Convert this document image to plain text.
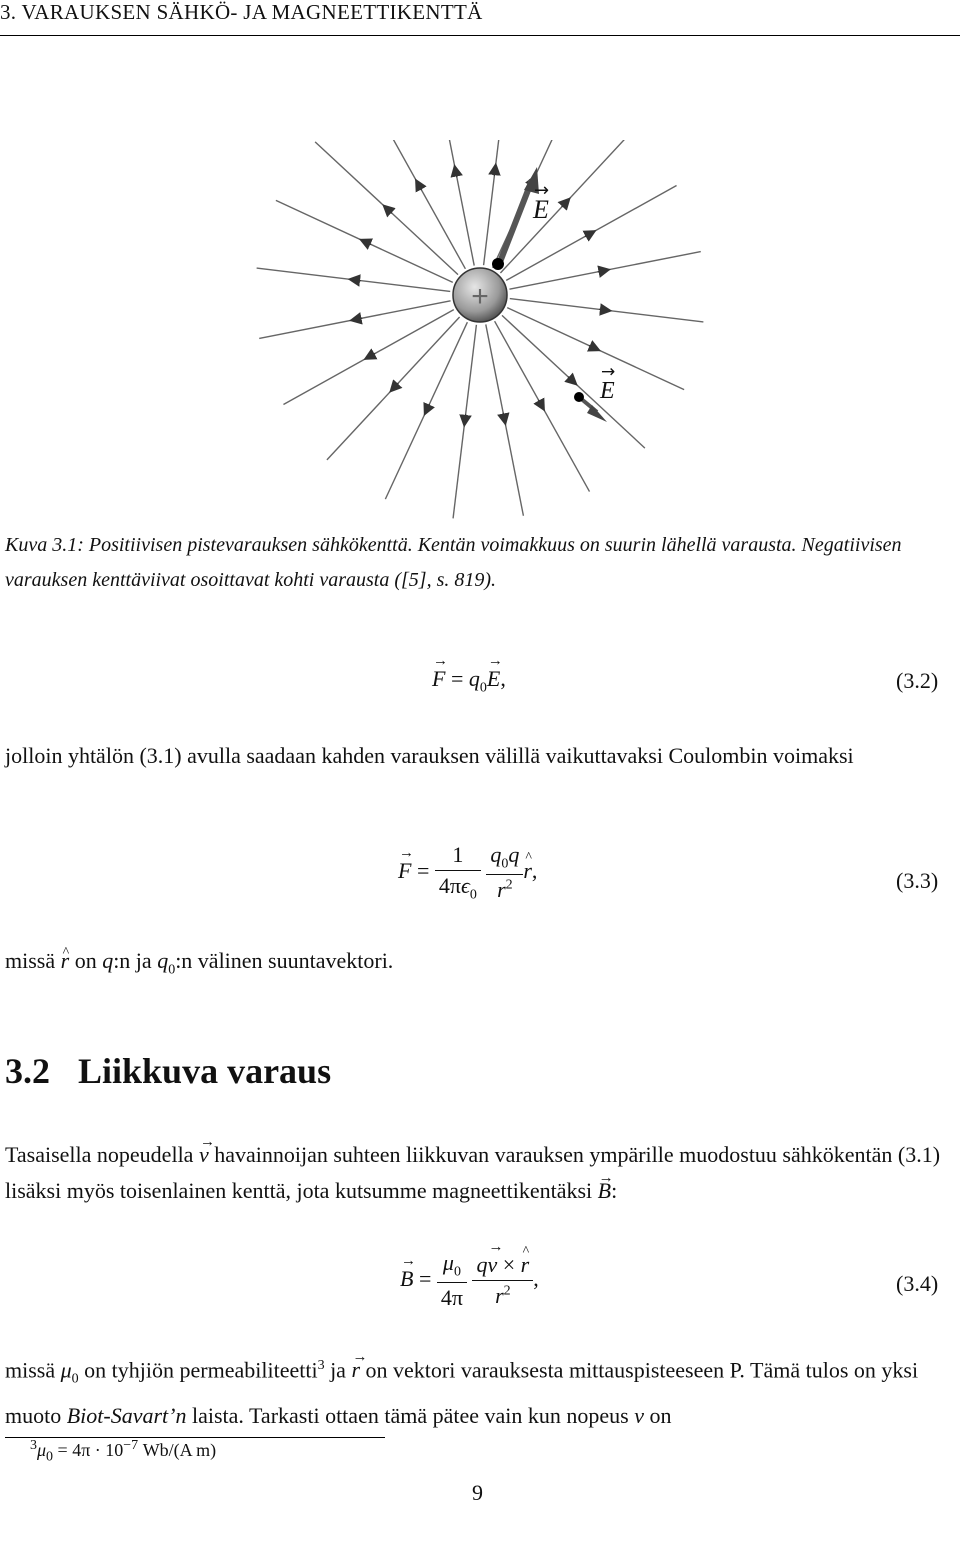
3. VARAUKSEN SÄHKÖ- JA MAGNEETTIKENTTÄ
+
E
→
E
→
Kuva 3.1: Positiivisen pistevarauksen sähkökenttä. Kentän voimakkuus on suurin lähellä varausta. Negatiivisen varauksen kenttäviivat osoittavat kohti varausta ([5], s. 819).
→ $F = q_0\to E$,	(3.2)
jolloin yhtälön (3.1) avulla saadaan kahden varauksen välillä vaikuttavaksi Coulombin voimaksi
→ $F = \frac{1}{4\pi\epsilon_0}$
$\frac{q_0q}{r^2}$ ^ r,	(3.3)
missä ^ r on q:n ja $q_0:n$ välinen suuntavektori.
3.2 Liikkuva varaus
Tasaisella nopeudella → v havainnoijan suhteen liikkuvan varauksen ympärille muodostuu sähkökentän (3.1) lisäksi myös toisenlainen kenttä, jota kutsumme magneettikentäksi → B:
→ $B = \frac{\mu_0}{4\pi}$
$\frac{q\to v \times \^{} r}{r^2}$ ,	(3.4)
missä $\mu_0$ on tyhjiön permeabiliteetti$^3$ ja → r on vektori varauksesta mittauspisteeseen P. Tämä tulos on yksi muoto Biot-Savart’n laista. Tarkasti ottaen tämä pätee vain kun nopeus v on
$^3\mu_0 = 4\pi \cdot 10^{-7}$ Wb/(A m)
9
